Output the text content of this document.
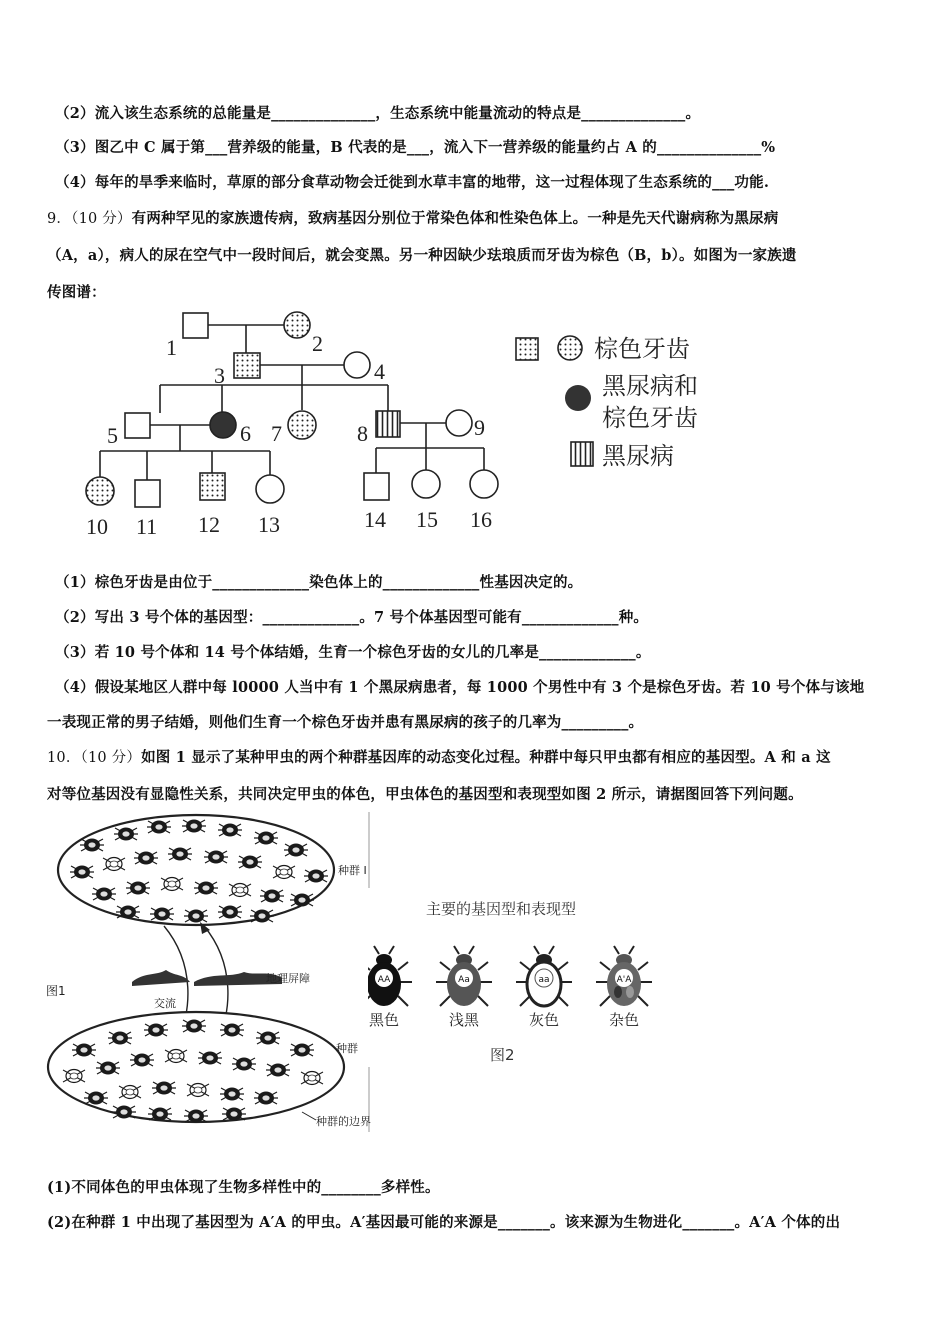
（2）流入该生态系统的总能量是______________，生态系统中能量流动的特点是______________。
（3）图乙中 C 属于第___营养级的能量，B 代表的是___，流入下一营养级的能量约占 A 的______________%
（4）每年的旱季来临时，草原的部分食草动物会迁徙到水草丰富的地带，这一过程体现了生态系统的___功能.
9．（10 分）有两种罕见的家族遗传病，致病基因分别位于常染色体和性染色体上。一种是先天代谢病称为黑尿病
（A，a），病人的尿在空气中一段时间后，就会变黑。另一种因缺少珐琅质而牙齿为棕色（B，b）。如图为一家族遗
传图谱：
1	2
3	4
5	6 7	8	9
10 11 12 13	14 15 16
棕色牙齿
黑尿病和
棕色牙齿
黑尿病
（1）棕色牙齿是由位于_____________染色体上的_____________性基因决定的。
（2）写出 3 号个体的基因型：_____________。7 号个体基因型可能有_____________种。
（3）若 10 号个体和 14 号个体结婚，生育一个棕色牙齿的女儿的几率是_____________。
（4）假设某地区人群中每 l0000 人当中有 1 个黑尿病患者，每 1000 个男性中有 3 个是棕色牙齿。若 10 号个体与该地
一表现正常的男子结婚，则他们生育一个棕色牙齿并患有黑尿病的孩子的几率为_________。
10．（10 分）如图 1 显示了某种甲虫的两个种群基因库的动态变化过程。种群中每只甲虫都有相应的基因型。A 和 a 这
对等位基因没有显隐性关系，共同决定甲虫的体色，甲虫体色的基因型和表现型如图 2 所示，请据图回答下列问题。
种群 I
交流
地理屏障
图1
种群
种群的边界
主要的基因型和表现型
AA	Aa	aa	A'A
黑色	浅黑	灰色	杂色
图2
(1)不同体色的甲虫体现了生物多样性中的________多样性。
(2)在种群 1 中出现了基因型为 A′A 的甲虫。A′基因最可能的来源是_______。该来源为生物进化_______。A′A 个体的出
